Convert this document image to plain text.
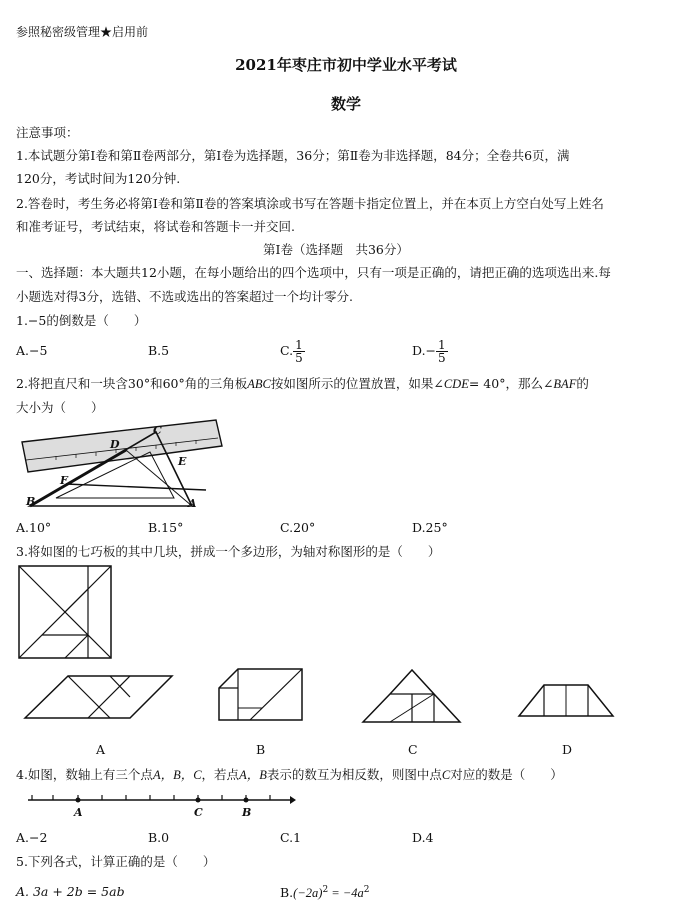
参照秘密级管理★启用前
2021年枣庄市初中学业水平考试
数学
注意事项：
1.本试题分第Ⅰ卷和第Ⅱ卷两部分，第Ⅰ卷为选择题，36分；第Ⅱ卷为非选择题，84分；全卷共6页，满
120分，考试时间为120分钟.
2.答卷时，考生务必将第Ⅰ卷和第Ⅱ卷的答案填涂或书写在答题卡指定位置上，并在本页上方空白处写上姓名
和准考证号，考试结束，将试卷和答题卡一并交回.
第Ⅰ卷（选择题　共36分）
一、选择题：本大题共12小题，在每小题给出的四个选项中，只有一项是正确的，请把正确的选项选出来.每
小题选对得3分，选错、不选或选出的答案超过一个均计零分.
1.−5的倒数是（　　）
A.−5	B.5	C. $\frac{1}{5}$	$D.- \frac{1}{5}$
2.将把直尺和一块含30°和60°角的三角板ABC按如图所示的位置放置，如果∠CDE= 40°，那么∠BAF的
大小为（　　）
D
C
E
F
B	A
A.10°	B.15°	C.20°	D.25°
3.将如图的七巧板的其中几块，拼成一个多边形，为轴对称图形的是（　　）
A	B	C	D
4.如图，数轴上有三个点A，B，C，若点A，B表示的数互为相反数，则图中点C对应的数是（　　）
A	C	B
A.−2	B.0	C.1	D.4
5.下列各式，计算正确的是（　　）
A. 3a + 2b = 5ab	$B.(-2a)^2 = -4a^2$
